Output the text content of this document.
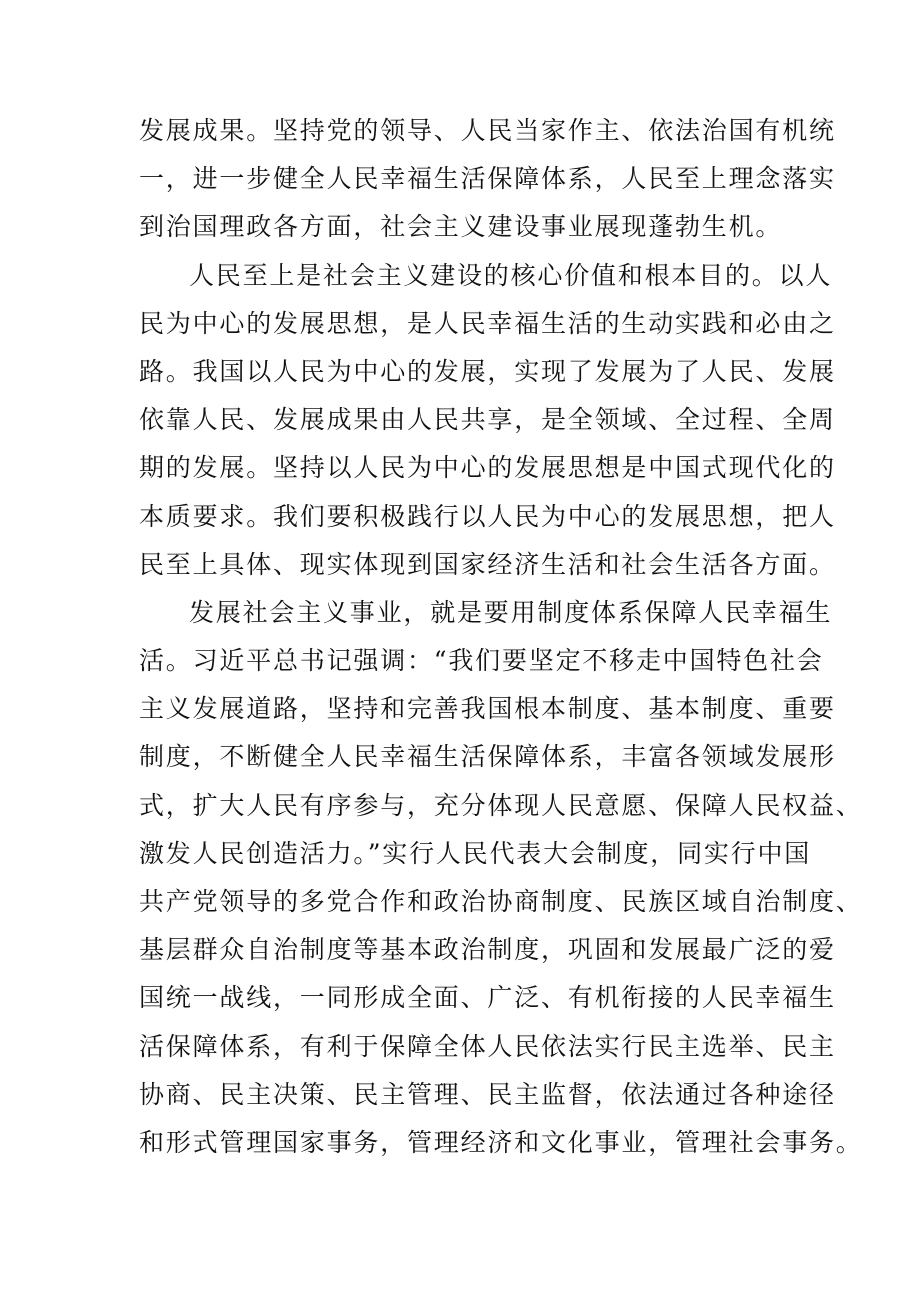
发展成果。坚持党的领导、人民当家作主、依法治国有机统
一，进一步健全人民幸福生活保障体系，人民至上理念落实
到治国理政各方面，社会主义建设事业展现蓬勃生机。
人民至上是社会主义建设的核心价值和根本目的。以人
民为中心的发展思想，是人民幸福生活的生动实践和必由之
路。我国以人民为中心的发展，实现了发展为了人民、发展
依靠人民、发展成果由人民共享，是全领域、全过程、全周
期的发展。坚持以人民为中心的发展思想是中国式现代化的
本质要求。我们要积极践行以人民为中心的发展思想，把人
民至上具体、现实体现到国家经济生活和社会生活各方面。
发展社会主义事业，就是要用制度体系保障人民幸福生
活。习近平总书记强调：“我们要坚定不移走中国特色社会
主义发展道路，坚持和完善我国根本制度、基本制度、重要
制度，不断健全人民幸福生活保障体系，丰富各领域发展形
式，扩大人民有序参与，充分体现人民意愿、保障人民权益、
激发人民创造活力。”实行人民代表大会制度，同实行中国
共产党领导的多党合作和政治协商制度、民族区域自治制度、
基层群众自治制度等基本政治制度，巩固和发展最广泛的爱
国统一战线，一同形成全面、广泛、有机衔接的人民幸福生
活保障体系，有利于保障全体人民依法实行民主选举、民主
协商、民主决策、民主管理、民主监督，依法通过各种途径
和形式管理国家事务，管理经济和文化事业，管理社会事务。
